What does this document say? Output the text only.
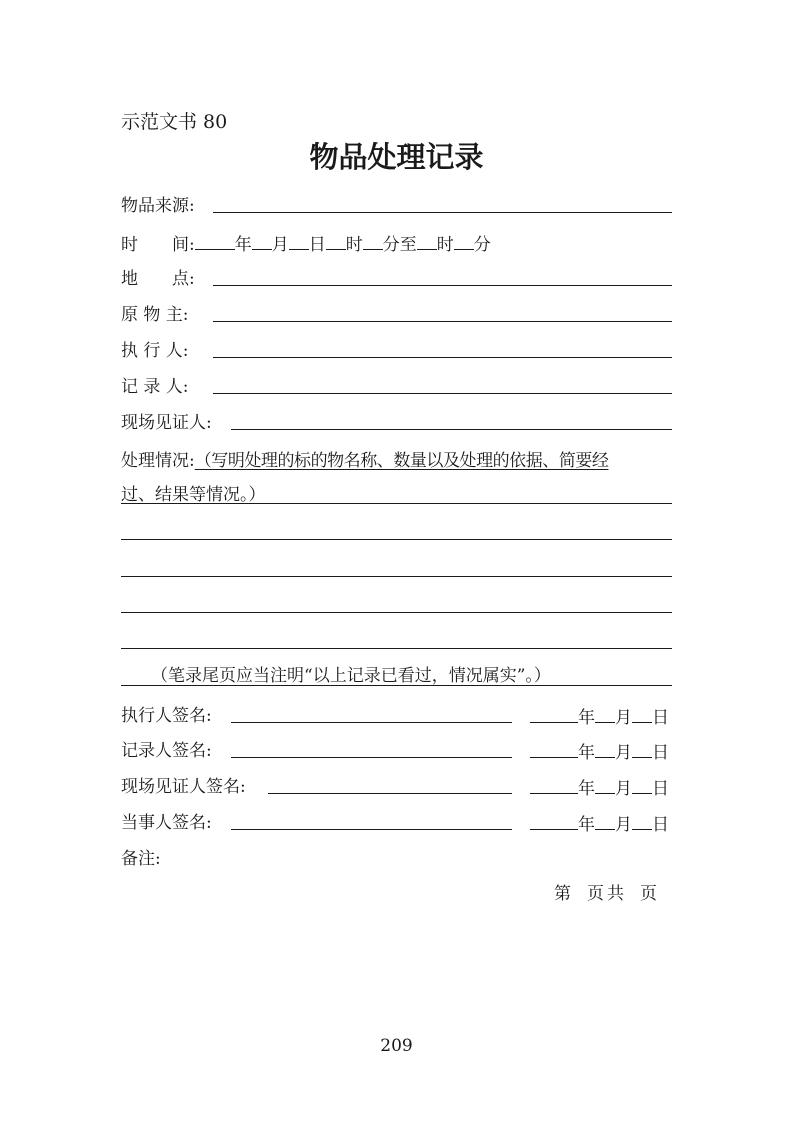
示范文书 80
物品处理记录
物品来源:
时　　间: 年 月 日 时 分至 时 分
地　　点:
原 物 主:
执 行 人:
记 录 人:
现场见证人:
处理情况:（写明处理的标的物名称、数量以及处理的依据、简要经
过、结果等情况。）
（笔录尾页应当注明“以上记录已看过，情况属实”。）
执行人签名:	年 月 日
记录人签名:	年 月 日
现场见证人签名:	年 月 日
当事人签名:	年 月 日
备注:
第 页 共 页
209
